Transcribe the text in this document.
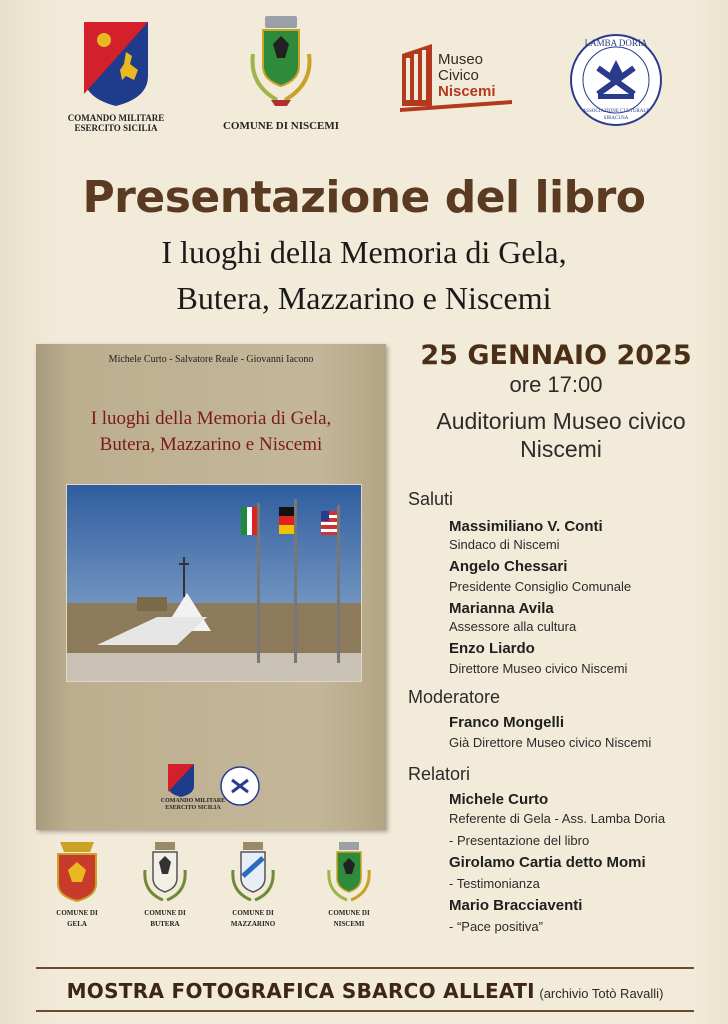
COMANDO MILITARE
ESERCITO SICILIA	COMUNE DI NISCEMI
Museo
Civico
Niscemi
LAMBA DORIA
ASSOCIAZIONE CULTURALE
SIRACUSA
Presentazione del libro
I luoghi della Memoria di Gela,
Butera, Mazzarino e Niscemi
Michele Curto - Salvatore Reale - Giovanni Iacono
I luoghi della Memoria di Gela,
Butera, Mazzarino e Niscemi
COMANDO MILITARE
ESERCITO SICILIA
COMUNE DI
GELA
COMUNE DI
BUTERA
COMUNE DI
MAZZARINO
COMUNE DI
NISCEMI
25 GENNAIO 2025
ore 17:00
Auditorium Museo civico
Niscemi
Saluti
Massimiliano V. Conti
Sindaco di Niscemi
Angelo Chessari
Presidente Consiglio Comunale
Marianna Avila
Assessore alla cultura
Enzo Liardo
Direttore Museo civico Niscemi
Moderatore
Franco Mongelli
Già Direttore Museo civico Niscemi
Relatori
Michele Curto
Referente di Gela - Ass. Lamba Doria
- Presentazione del libro
Girolamo Cartia detto Momi
- Testimonianza
Mario Bracciaventi
- “Pace positiva”
MOSTRA FOTOGRAFICA SBARCO ALLEATI (archivio Totò Ravalli)
